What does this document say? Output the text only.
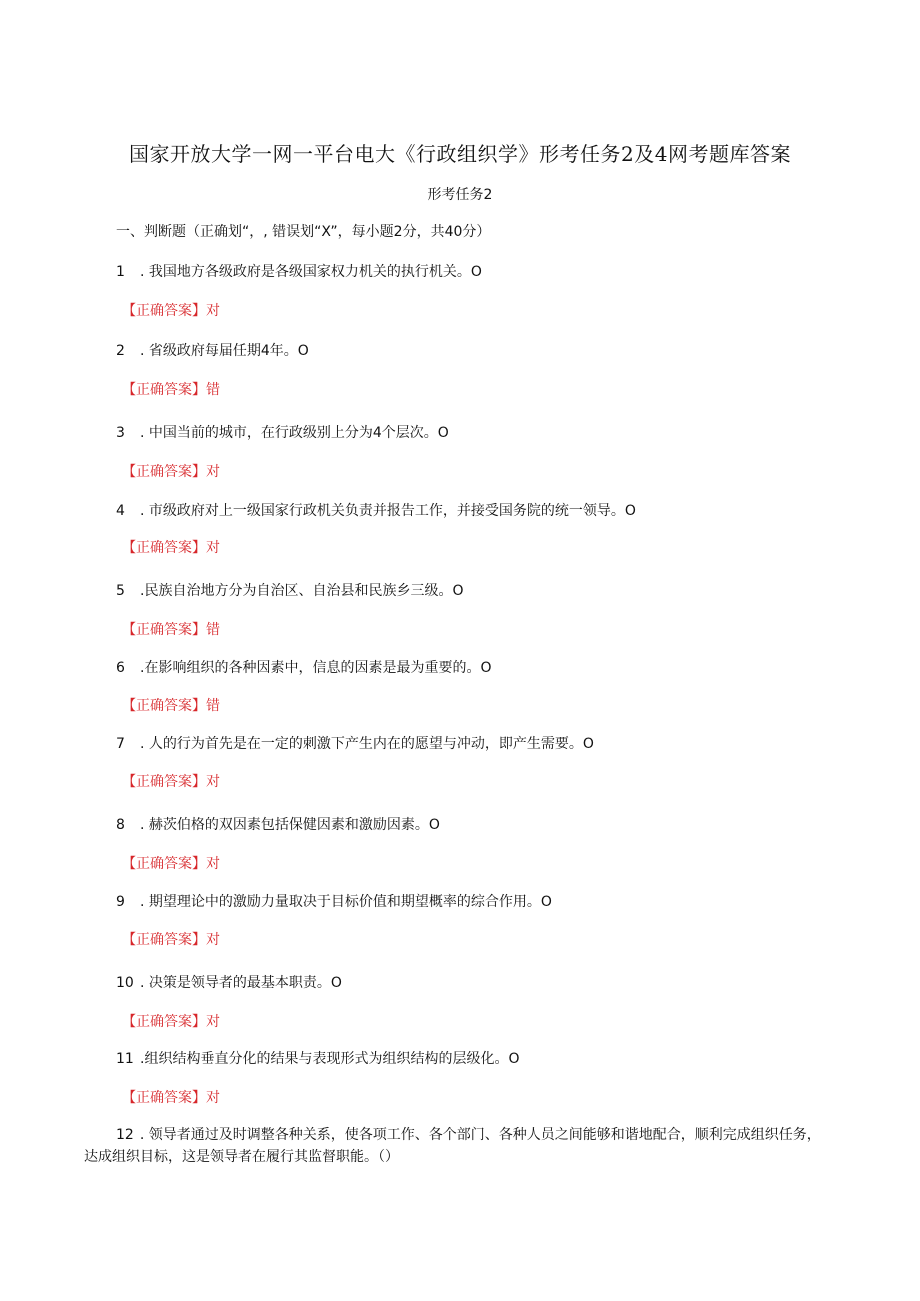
国家开放大学一网一平台电大《行政组织学》形考任务2及4网考题库答案
形考任务2
一、判断题（正确划“，, 错误划“X”，每小题2分，共40分）
1 . 我国地方各级政府是各级国家权力机关的执行机关。O
【正确答案】对
2 . 省级政府每届任期4年。O
【正确答案】错
3 . 中国当前的城市，在行政级别上分为4个层次。O
【正确答案】对
4 . 市级政府对上一级国家行政机关负责并报告工作，并接受国务院的统一领导。O
【正确答案】对
5 .民族自治地方分为自治区、自治县和民族乡三级。O
【正确答案】错
6 .在影响组织的各种因素中，信息的因素是最为重要的。O
【正确答案】错
7 . 人的行为首先是在一定的刺激下产生内在的愿望与冲动，即产生需要。O
【正确答案】对
8 . 赫茨伯格的双因素包括保健因素和激励因素。O
【正确答案】对
9 . 期望理论中的激励力量取决于目标价值和期望概率的综合作用。O
【正确答案】对
10 . 决策是领导者的最基本职责。O
【正确答案】对
11 .组织结构垂直分化的结果与表现形式为组织结构的层级化。O
【正确答案】对
12 . 领导者通过及时调整各种关系，使各项工作、各个部门、各种人员之间能够和谐地配合，顺利完成组织任务，达成组织目标，这是领导者在履行其监督职能。（）
